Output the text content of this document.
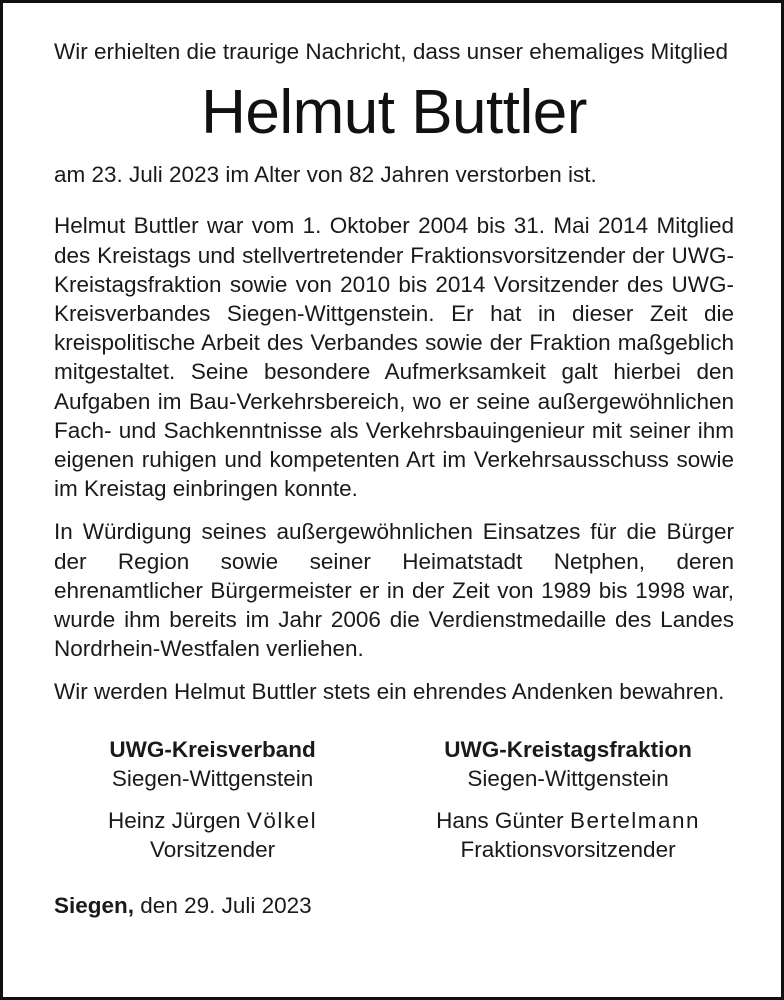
Wir erhielten die traurige Nachricht, dass unser ehemaliges Mitglied

Helmut Buttler

am 23. Juli 2023 im Alter von 82 Jahren verstorben ist.

Helmut Buttler war vom 1. Oktober 2004 bis 31. Mai 2014 Mitglied des Kreistags und stellvertretender Fraktionsvorsitzender der UWG-Kreistagsfraktion sowie von 2010 bis 2014 Vorsitzender des UWG-Kreisverbandes Siegen-Wittgenstein. Er hat in dieser Zeit die kreispolitische Arbeit des Verbandes sowie der Fraktion maßgeblich mitgestaltet. Seine besondere Aufmerksamkeit galt hierbei den Aufgaben im Bau-Verkehrsbereich, wo er seine außergewöhnlichen Fach- und Sachkenntnisse als Verkehrsbauingenieur mit seiner ihm eigenen ruhigen und kompetenten Art im Verkehrsausschuss sowie im Kreistag einbringen konnte.

In Würdigung seines außergewöhnlichen Einsatzes für die Bürger der Region sowie seiner Heimatstadt Netphen, deren ehrenamtlicher Bürgermeister er in der Zeit von 1989 bis 1998 war, wurde ihm bereits im Jahr 2006 die Verdienstmedaille des Landes Nordrhein-Westfalen verliehen.

Wir werden Helmut Buttler stets ein ehrendes Andenken bewahren.

UWG-Kreisverband
Siegen-Wittgenstein
Heinz Jürgen Völkel
Vorsitzender
UWG-Kreistagsfraktion
Siegen-Wittgenstein
Hans Günter Bertelmann
Fraktionsvorsitzender
Siegen, den 29. Juli 2023
